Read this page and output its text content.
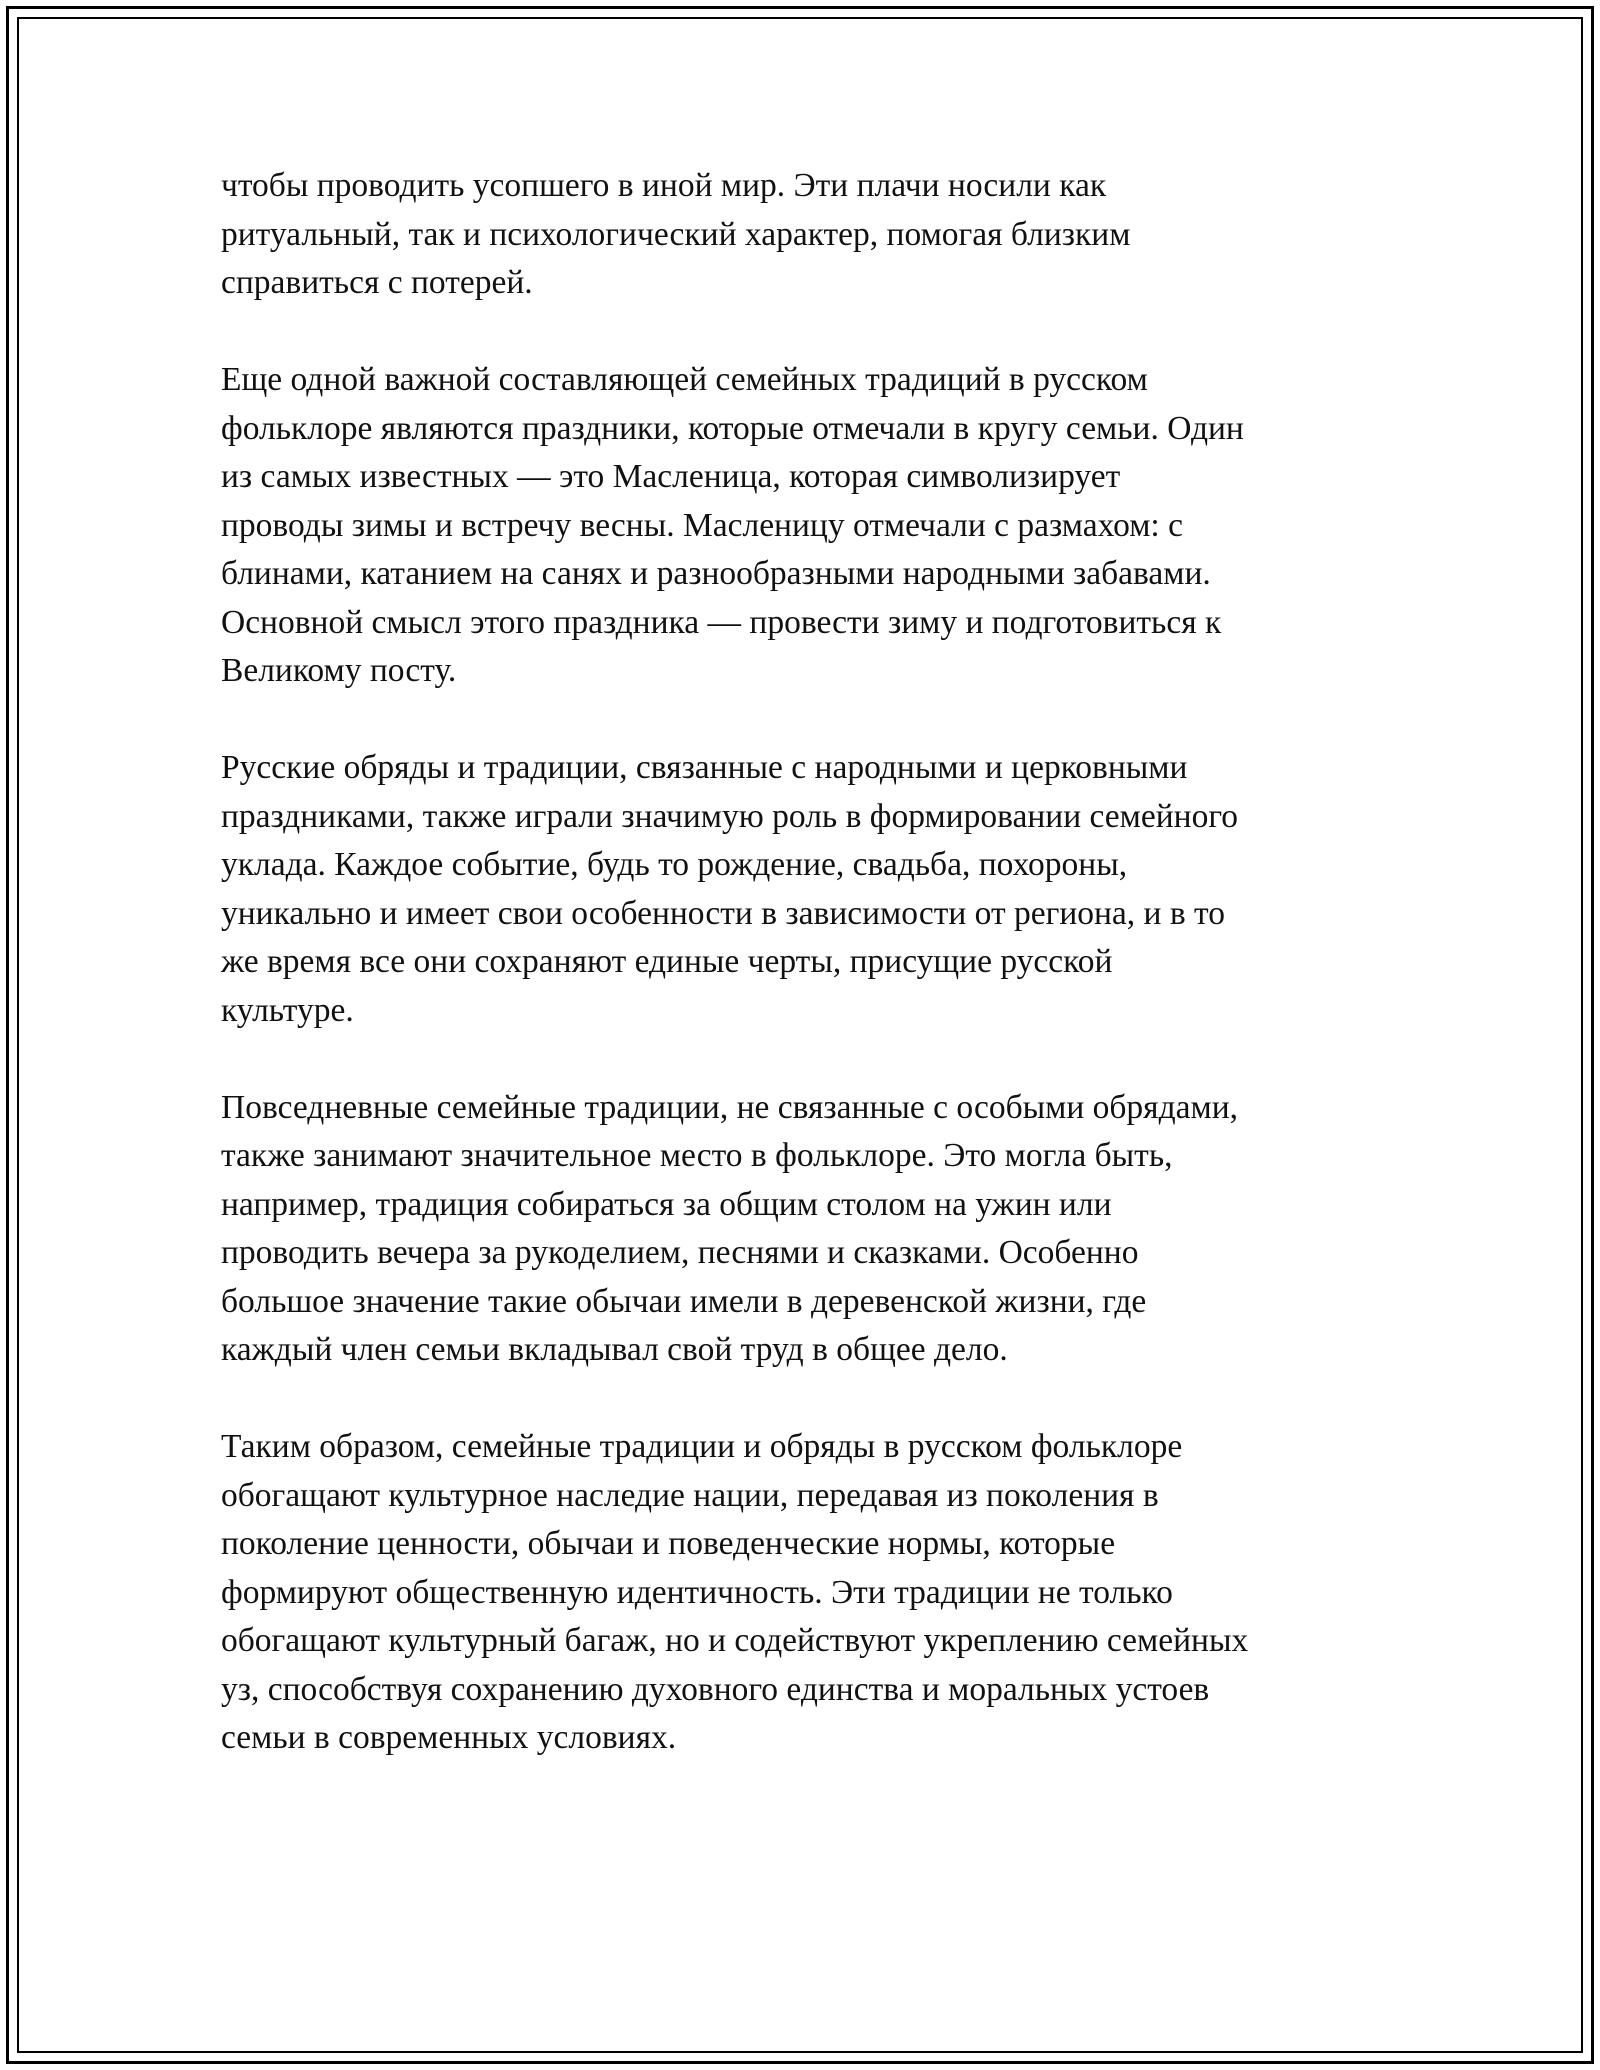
чтобы проводить усопшего в иной мир. Эти плачи носили как
ритуальный, так и психологический характер, помогая близким
справиться с потерей.

Еще одной важной составляющей семейных традиций в русском
фольклоре являются праздники, которые отмечали в кругу семьи. Один
из самых известных — это Масленица, которая символизирует
проводы зимы и встречу весны. Масленицу отмечали с размахом: с
блинами, катанием на санях и разнообразными народными забавами.
Основной смысл этого праздника — провести зиму и подготовиться к
Великому посту.

Русские обряды и традиции, связанные с народными и церковными
праздниками, также играли значимую роль в формировании семейного
уклада. Каждое событие, будь то рождение, свадьба, похороны,
уникально и имеет свои особенности в зависимости от региона, и в то
же время все они сохраняют единые черты, присущие русской
культуре.

Повседневные семейные традиции, не связанные с особыми обрядами,
также занимают значительное место в фольклоре. Это могла быть,
например, традиция собираться за общим столом на ужин или
проводить вечера за рукоделием, песнями и сказками. Особенно
большое значение такие обычаи имели в деревенской жизни, где
каждый член семьи вкладывал свой труд в общее дело.

Таким образом, семейные традиции и обряды в русском фольклоре
обогащают культурное наследие нации, передавая из поколения в
поколение ценности, обычаи и поведенческие нормы, которые
формируют общественную идентичность. Эти традиции не только
обогащают культурный багаж, но и содействуют укреплению семейных
уз, способствуя сохранению духовного единства и моральных устоев
семьи в современных условиях.
